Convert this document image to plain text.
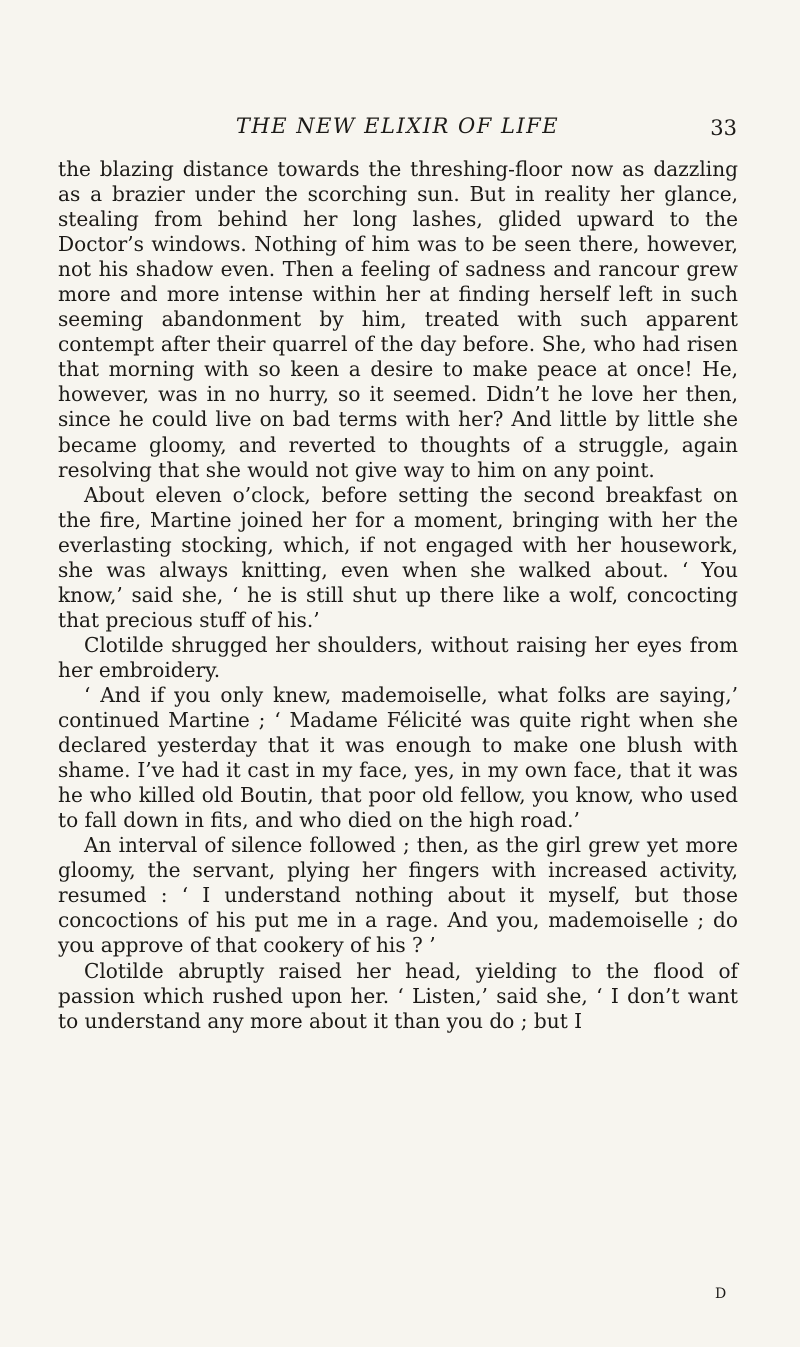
THE NEW ELIXIR OF LIFE	33

the blazing distance towards the threshing-floor now as dazzling as a brazier under the scorching sun. But in reality her glance, stealing from behind her long lashes, glided upward to the Doctor’s windows. Nothing of him was to be seen there, however, not his shadow even. Then a feeling of sadness and rancour grew more and more intense within her at finding herself left in such seeming abandonment by him, treated with such apparent contempt after their quarrel of the day before. She, who had risen that morning with so keen a desire to make peace at once! He, however, was in no hurry, so it seemed. Didn’t he love her then, since he could live on bad terms with her? And little by little she became gloomy, and reverted to thoughts of a struggle, again resolving that she would not give way to him on any point.

About eleven o’clock, before setting the second breakfast on the fire, Martine joined her for a moment, bringing with her the everlasting stocking, which, if not engaged with her housework, she was always knitting, even when she walked about. ‘ You know,’ said she, ‘ he is still shut up there like a wolf, concocting that precious stuff of his.’

Clotilde shrugged her shoulders, without raising her eyes from her embroidery.

‘ And if you only knew, mademoiselle, what folks are saying,’ continued Martine ; ‘ Madame Félicité was quite right when she declared yesterday that it was enough to make one blush with shame. I’ve had it cast in my face, yes, in my own face, that it was he who killed old Boutin, that poor old fellow, you know, who used to fall down in fits, and who died on the high road.’

An interval of silence followed ; then, as the girl grew yet more gloomy, the servant, plying her fingers with increased activity, resumed : ‘ I understand nothing about it myself, but those concoctions of his put me in a rage. And you, mademoiselle ; do you approve of that cookery of his ? ’

Clotilde abruptly raised her head, yielding to the flood of passion which rushed upon her. ‘ Listen,’ said she, ‘ I don’t want to understand any more about it than you do ; but I

D
